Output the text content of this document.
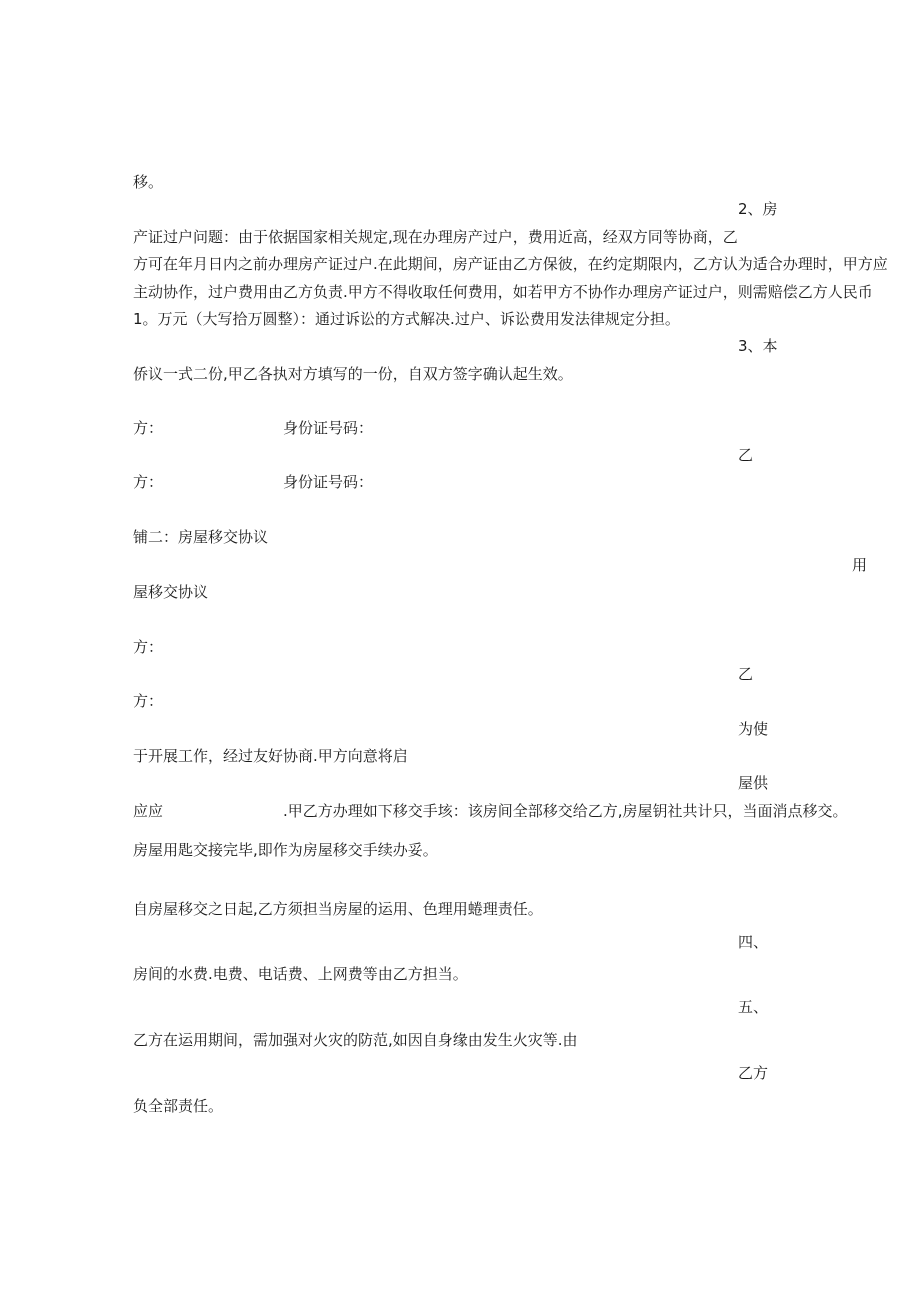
移。
2、房
产证过户问题：由于依据国家相关规定,现在办理房产过户，费用近高，经双方同等协商，乙
方可在年月日内之前办理房产证过户.在此期间，房产证由乙方保彼，在约定期限内，乙方认为适合办理时，甲方应
主动协作，过户费用由乙方负责.甲方不得收取任何费用，如若甲方不协作办理房产证过户，则需赔偿乙方人民币
1。万元（大写拾万圆整）：通过诉讼的方式解决.过户、诉讼费用发法律规定分担。
3、本
侨议一式二份,甲乙各执对方填写的一份，自双方签字确认起生效。
方：	身份证号码：
乙
方：	身份证号码：
铺二：房屋移交协议
用
屋移交协议
方：
乙
方：
为使
于开展工作，经过友好协商.甲方向意将启
屋供
应应	.甲乙方办理如下移交手垓：该房间全部移交给乙方,房屋钥社共计只，当面消点移交。
房屋用匙交接完毕,即作为房屋移交手续办妥。
自房屋移交之日起,乙方须担当房屋的运用、色理用蜷理责任。
四、
房间的水费.电费、电话费、上网费等由乙方担当。
五、
乙方在运用期间，需加强对火灾的防范,如因自身缘由发生火灾等.由
乙方
负全部责任。
